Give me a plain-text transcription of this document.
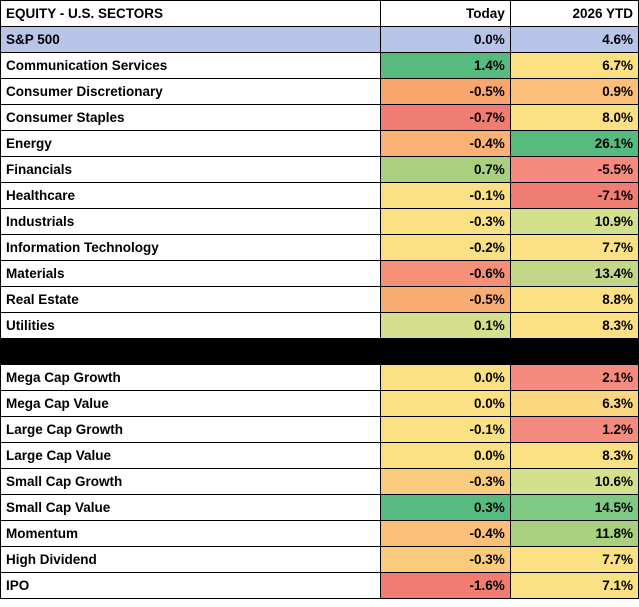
EQUITY - U.S. SECTORS	Today	2026 YTD
S&P 500	0.0%	4.6%
Communication Services	1.4%	6.7%
Consumer Discretionary	-0.5%	0.9%
Consumer Staples	-0.7%	8.0%
Energy	-0.4%	26.1%
Financials	0.7%	-5.5%
Healthcare	-0.1%	-7.1%
Industrials	-0.3%	10.9%
Information Technology	-0.2%	7.7%
Materials	-0.6%	13.4%
Real Estate	-0.5%	8.8%
Utilities	0.1%	8.3%

Mega Cap Growth	0.0%	2.1%
Mega Cap Value	0.0%	6.3%
Large Cap Growth	-0.1%	1.2%
Large Cap Value	0.0%	8.3%
Small Cap Growth	-0.3%	10.6%
Small Cap Value	0.3%	14.5%
Momentum	-0.4%	11.8%
High Dividend	-0.3%	7.7%
IPO	-1.6%	7.1%
